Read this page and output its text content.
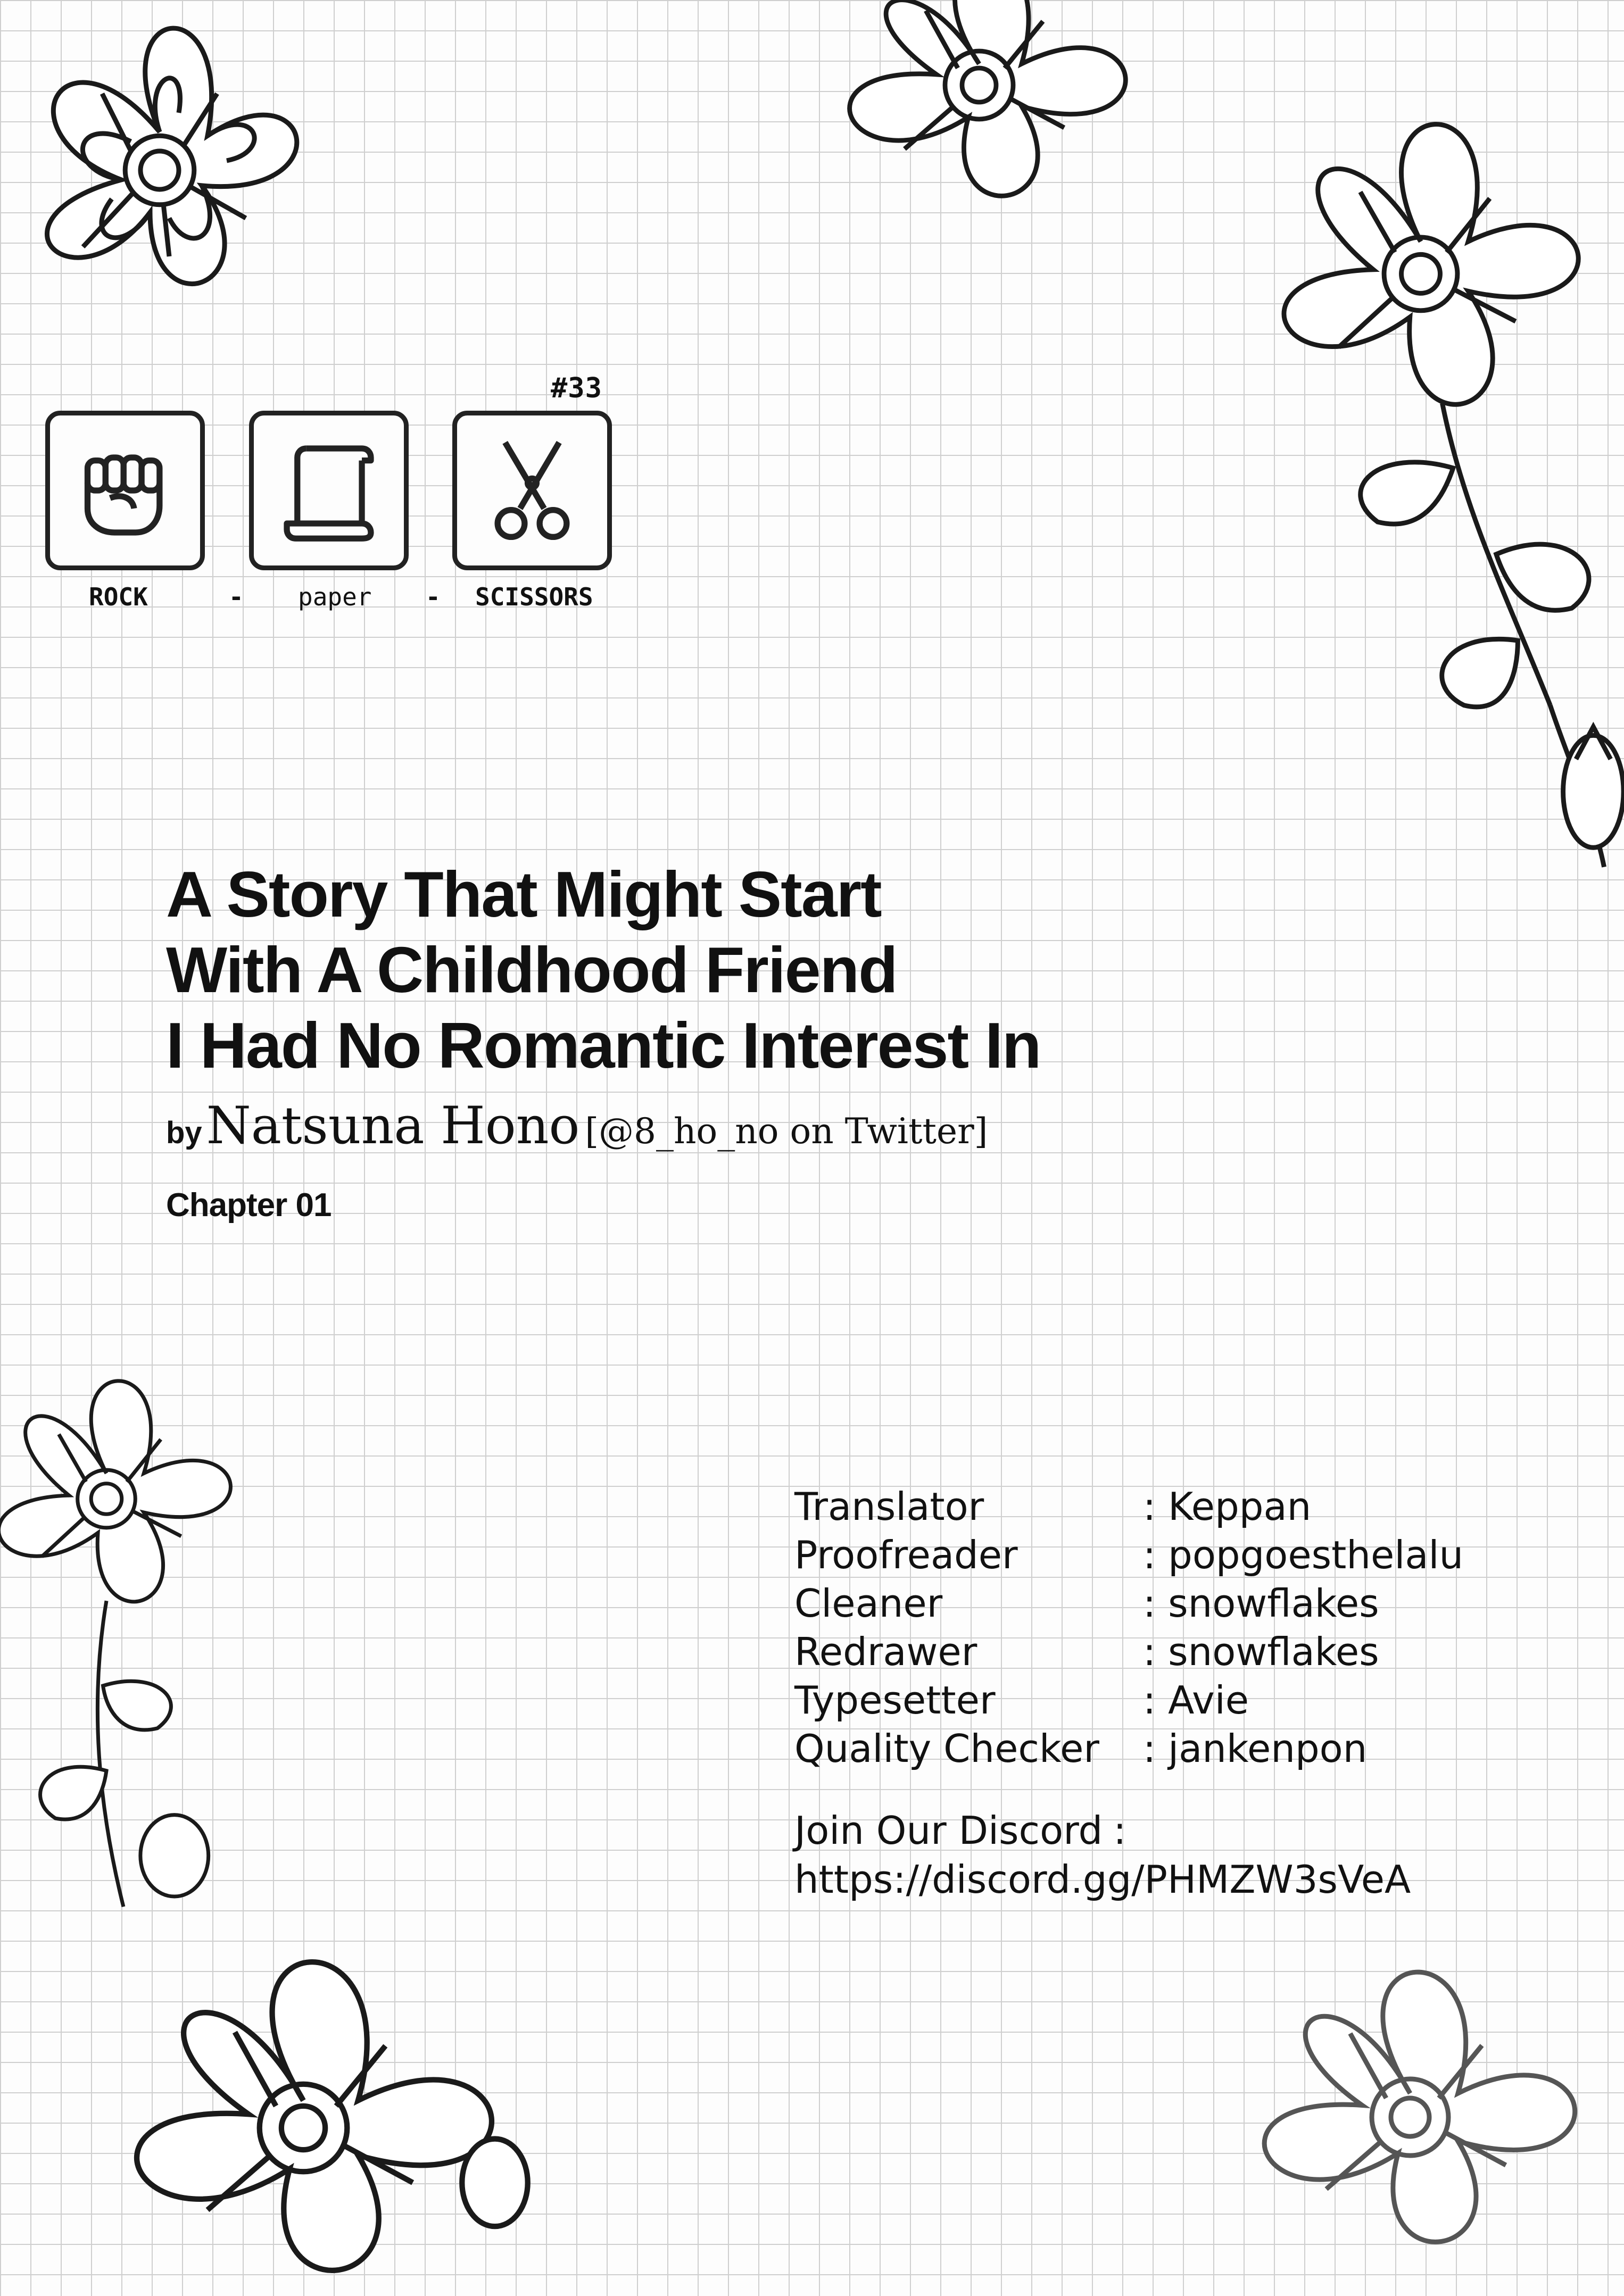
#33
ROCK	- paper - SCISSORS
A Story That Might Start
With A Childhood Friend
I Had No Romantic Interest In
byNatsuna Hono [@8_ho_no on Twitter]
Chapter 01
Translator	: Keppan
Proofreader	: popgoesthelalu
Cleaner	: snowflakes
Redrawer	: snowflakes
Typesetter	: Avie
Quality Checker : jankenpon
Join Our Discord :
https://discord.gg/PHMZW3sVeA
